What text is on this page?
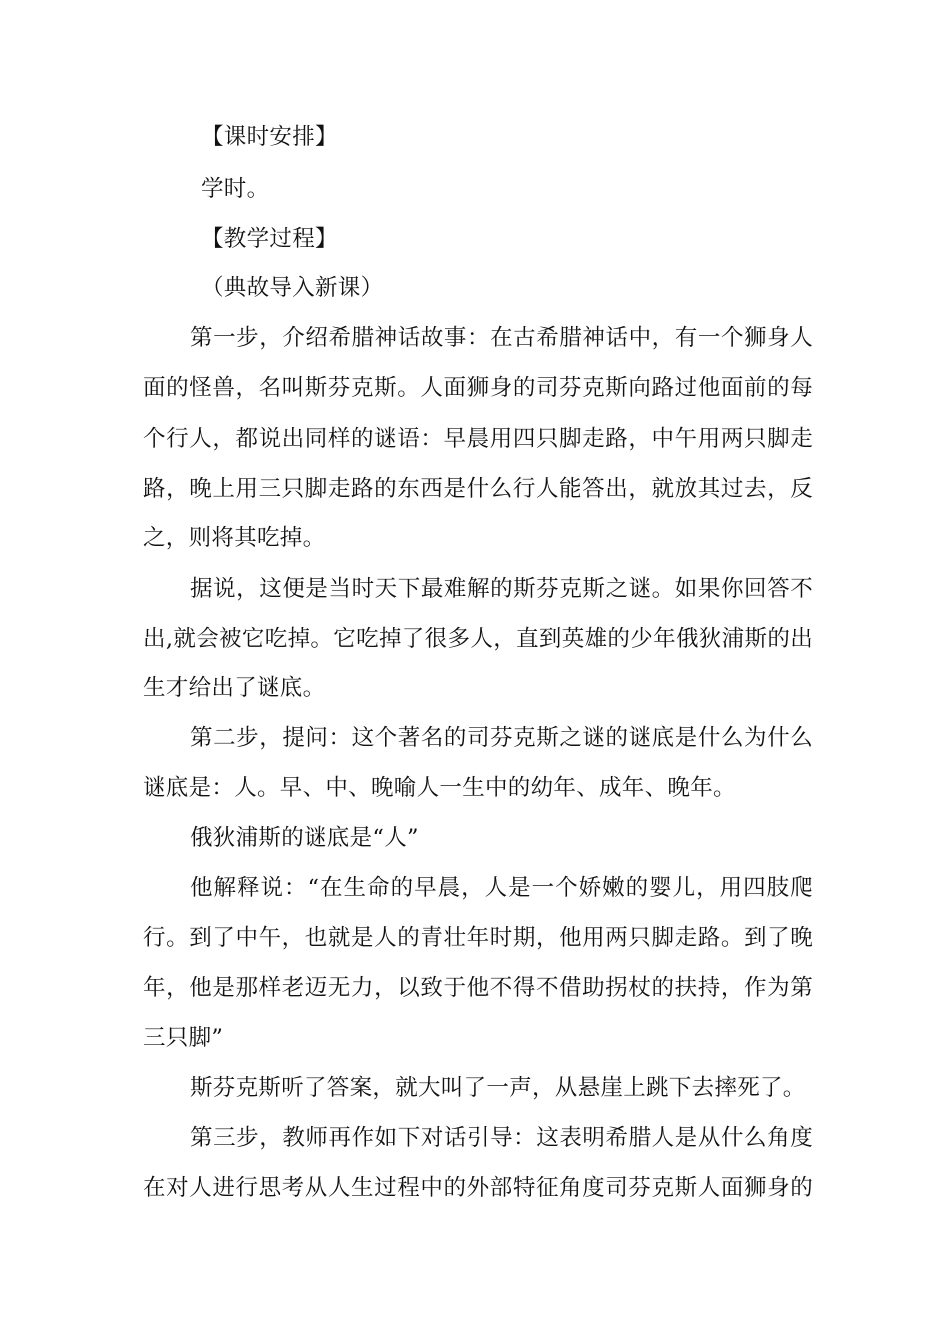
【课时安排】
学时。
【教学过程】
（典故导入新课）
第一步，介绍希腊神话故事：在古希腊神话中，有一个狮身人
面的怪兽，名叫斯芬克斯。人面狮身的司芬克斯向路过他面前的每
个行人，都说出同样的谜语：早晨用四只脚走路，中午用两只脚走
路，晚上用三只脚走路的东西是什么行人能答出，就放其过去，反
之，则将其吃掉。
据说，这便是当时天下最难解的斯芬克斯之谜。如果你回答不
出,就会被它吃掉。它吃掉了很多人，直到英雄的少年俄狄浦斯的出
生才给出了谜底。
第二步，提问：这个著名的司芬克斯之谜的谜底是什么为什么
谜底是：人。早、中、晚喻人一生中的幼年、成年、晚年。
俄狄浦斯的谜底是“人”
他解释说：“在生命的早晨，人是一个娇嫩的婴儿，用四肢爬
行。到了中午，也就是人的青壮年时期，他用两只脚走路。到了晚
年，他是那样老迈无力，以致于他不得不借助拐杖的扶持，作为第
三只脚”
斯芬克斯听了答案，就大叫了一声，从悬崖上跳下去摔死了。
第三步，教师再作如下对话引导：这表明希腊人是从什么角度
在对人进行思考从人生过程中的外部特征角度司芬克斯人面狮身的
